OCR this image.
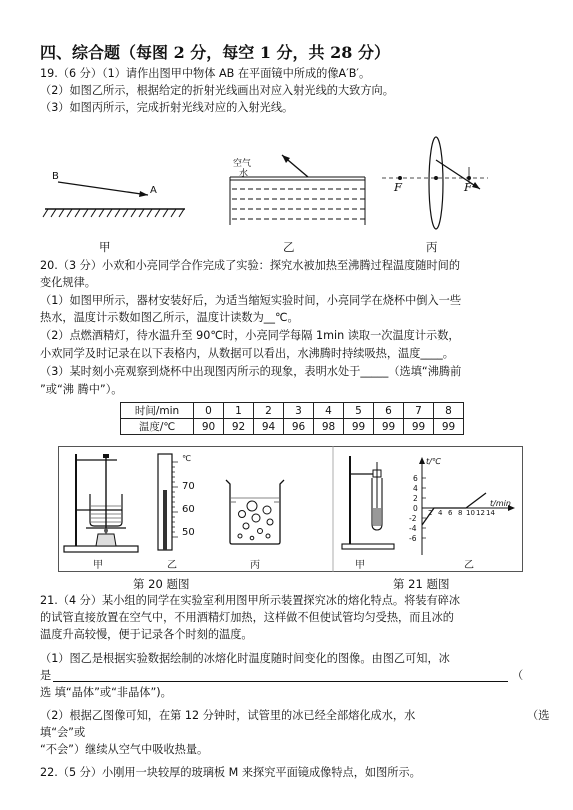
四、综合题（每图 2 分，每空 1 分，共 28 分）
19.（6 分）（1）请作出图甲中物体 AB 在平面镜中所成的像A′B′。
（2）如图乙所示，根据给定的折射光线画出对应入射光线的大致方向。
（3）如图丙所示，完成折射光线对应的入射光线。
B
A
空气
水
F	F
甲	乙	丙
20.（3 分）小欢和小亮同学合作完成了实验：探究水被加热至沸腾过程温度随时间的
变化规律。
（1）如图甲所示，器材安装好后，为适当缩短实验时间，小亮同学在烧杯中倒入一些
热水，温度计示数如图乙所示，温度计读数为__℃。
（2）点燃酒精灯，待水温升至 90℃时，小亮同学每隔 1min 读取一次温度计示数，
小欢同学及时记录在以下表格内，从数据可以看出，水沸腾时持续吸热，温度____。
（3）某时刻小亮观察到烧杯中出现图丙所示的现象，表明水处于_____（选填“沸腾前
”或“沸 腾中”）。
时间/min	0	1	2	3	4	5	6	7	8
温度/℃	90	92	94	96	98	99	99	99	99
甲
℃
70
60
50
乙	丙	甲
t/℃
t/min
6
4
2
0
-2
-4
-6
2 4 6 8 10 12 14
乙
第 20 题图	第 21 题图
21.（4 分）某小组的同学在实验室利用图甲所示装置探究冰的熔化特点。将装有碎冰
的试管直接放置在空气中，不用酒精灯加热，这样做不但使试管均匀受热，而且冰的
温度升高较慢，便于记录各个时刻的温度。
（1）图乙是根据实验数据绘制的冰熔化时温度随时间变化的图像。由图乙可知，冰
是	（
选 填“晶体”或“非晶体”)。
（2）根据乙图像可知，在第 12 分钟时，试管里的冰已经全部熔化成水，水	（选
填“会”或
“不会”）继续从空气中吸收热量。
22.（5 分）小刚用一块较厚的玻璃板 M 来探究平面镜成像特点，如图所示。
